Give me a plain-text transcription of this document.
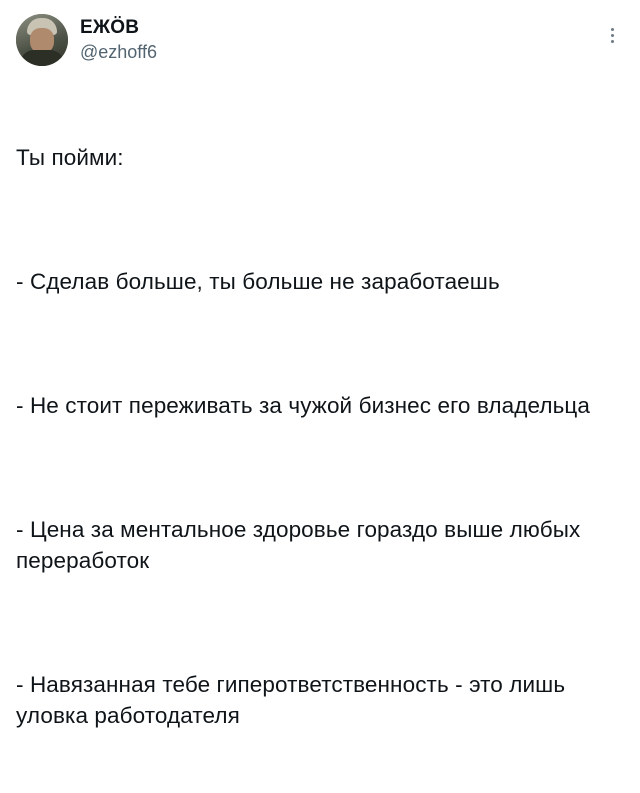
ЕЖÖВ
@ezhoff6

Ты пойми:

- Сделав больше, ты больше не заработаешь

- Не стоит переживать за чужой бизнес его владельца

- Цена за ментальное здоровье гораздо выше любых переработок

- Навязанная тебе гиперответственность - это лишь уловка работодателя
